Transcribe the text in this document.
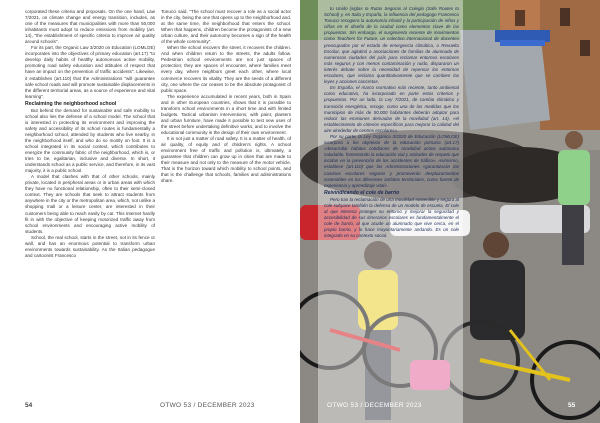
corporated these criteria and proposals. On the one hand, Law 7/2021, on climate change and energy transition, includes, as one of the measures that municipalities with more than 50,000 inhabitants must adopt to reduce emissions from mobility (art. 14), "the establishment of specific criteria to improve air quality around schools".

For its part, the Organic Law 3/2020 on Education (LOMLOE) incorporates into the objectives of primary education (art.17) "to develop daily habits of healthy autonomous active mobility, promoting road safety education and attitudes of respect that have an impact on the prevention of traffic accidents". Likewise, it establishes (art.110) that the Administrations "will guarantee safe school roads and will promote sustainable displacements in the different territorial areas, as a source of experience and vital learning".

Reclaiming the neighborhood school

But behind the demand for sustainable and safe mobility to school also lies the defense of a school model. The school that is interested in protecting its environment and improving the safety and accessibility of its school routes is fundamentally a neighborhood school, attended by students who live nearby, in the neighborhood itself, and who do so mostly on foot. It is a school integrated in its social context, which contributes to energize the community fabric of the neighborhood, which is, or tries to be, egalitarian, inclusive and diverse. In short, it understands school as a public service, and therefore, in its vast majority, it is a public school.

A model that clashes with that of other schools, mainly private, located in peripheral areas or in urban areas with which they have no functional relationship, often to their semi-closed context. They are schools that seek to attract students from anywhere in the city or the metropolitan area, which, not unlike a shopping mall or a leisure center, are interested in their customers being able to reach easily by car. This internet hardly fit in with the objective of keeping motorized traffic away from school environments and encouraging active mobility of students.

School, the real school, starts in the street, not in its fence or wall, and has an enormous potential to transform urban environments towards sustainability. As the Italian pedagogue and cartoonist Francesco

Tonucci said, "The school must recover a role as a social actor in the city, being the one that opens up to the neighborhood and, at the same time, the neighborhood that enters the school. When that happens, children become the protagonists of a new urban culture, and their autonomy becomes a sign of the health of the whole community".

When the school recovers the street, it recovers the children. And when children return to the streets, the adults follow. Pedestrian school environments are not just spaces of protection; they are spaces of encounter, where families meet every day, where neighbors greet each other, where local commerce recovers its vitality. They are the seeds of a different city, one where the car ceases to be the absolute protagonist of public space.

The experience accumulated in recent years, both in Spain and in other European countries, shows that it is possible to transform school environments in a short time and with limited budgets. Tactical urbanism interventions, with paint, planters and urban furniture, have made it possible to test new uses of the street before undertaking definitive works, and to involve the educational community in the design of their own environment.

It is not just a matter of road safety. It is a matter of health, of air quality, of equity and of children's rights. A school environment free of traffic and pollution is, ultimately, a guarantee that children can grow up in cities that are made to their measure and not only to the measure of the motor vehicle. That is the horizon toward which mobility to school points, and that is the challenge that schools, families and administrations share.

54	OTWO 53 / DECEMBER 2023

tu Unido (siglas Ia Rutas Seguras al Colegio (Safe Routes to School) y, en Italia y España, la influencia del pedagogo Francesco Tonucci recogiera la autonomía infantil y la participación de niños y niñas en el diseño de la ciudad como elementos clave de las propuestas. Sin embargo, el surgimiento reciente de movimientos como Teachers for Future, un colectivo internacional de docentes preocupados por el estado de emergencia climática, o Revuelta Escolar, que aglutinó a asociaciones de familias de alumnado de numerosos ciudades del país para reclamar entornos escolares más seguros y con menos contaminación y ruido, dispararon un interés debate sobre la necesidad de repensar los entornos escolares, que reclama quantitativamente que se cambien las leyes y acciones concretas.

En España, el marco normativo más reciente, tanto ambiental como educativo, ha incorporado en parte estos criterios y propuestas. Por un lado, la Ley 7/2021, de cambio climático y transición energética, recoge, como una de las medidas que los municipios de más de 50.000 habitantes deberán adoptar para reducir las emisiones derivadas de la movilidad (art. 14), «el establecimiento de criterios específicos para mejorar la calidad del aire alrededor de centros escolares».

Por su parte, la Ley Orgánica 3/2020 de Educación (LOMLOE) incorpora a los objetivos de la educación primaria (art.17) «desarrollar hábitos cotidianos de movilidad activa autónoma saludable, fomentando la educación vial y actitudes de respeto que incidan en la prevención de los accidentes de tráfico». Asimismo, establece (art.110) que las Administraciones «garantizarán los caminos escolares seguros y promoverán desplazamientos sostenibles en los diferentes ámbitos territoriales, como fuente de experiencia y aprendizaje vital».

Reivindicando el cole de barrio

Pero tras la reclamación de una movilidad sostenible y segura al cole subyace también la defensa de un modelo de escuela. El cole al que interesa proteger su entorno y mejorar la seguridad y accesibilidad de sus itinerarios escolares es fundamentalmente el cole de barrio, al que acude un alumnado que vive cerca, en el propio barrio, y lo hace mayoritariamente andando. Es un cole integrado en su contexto social.

OTWO 53 / DECEMBER 2023	55
